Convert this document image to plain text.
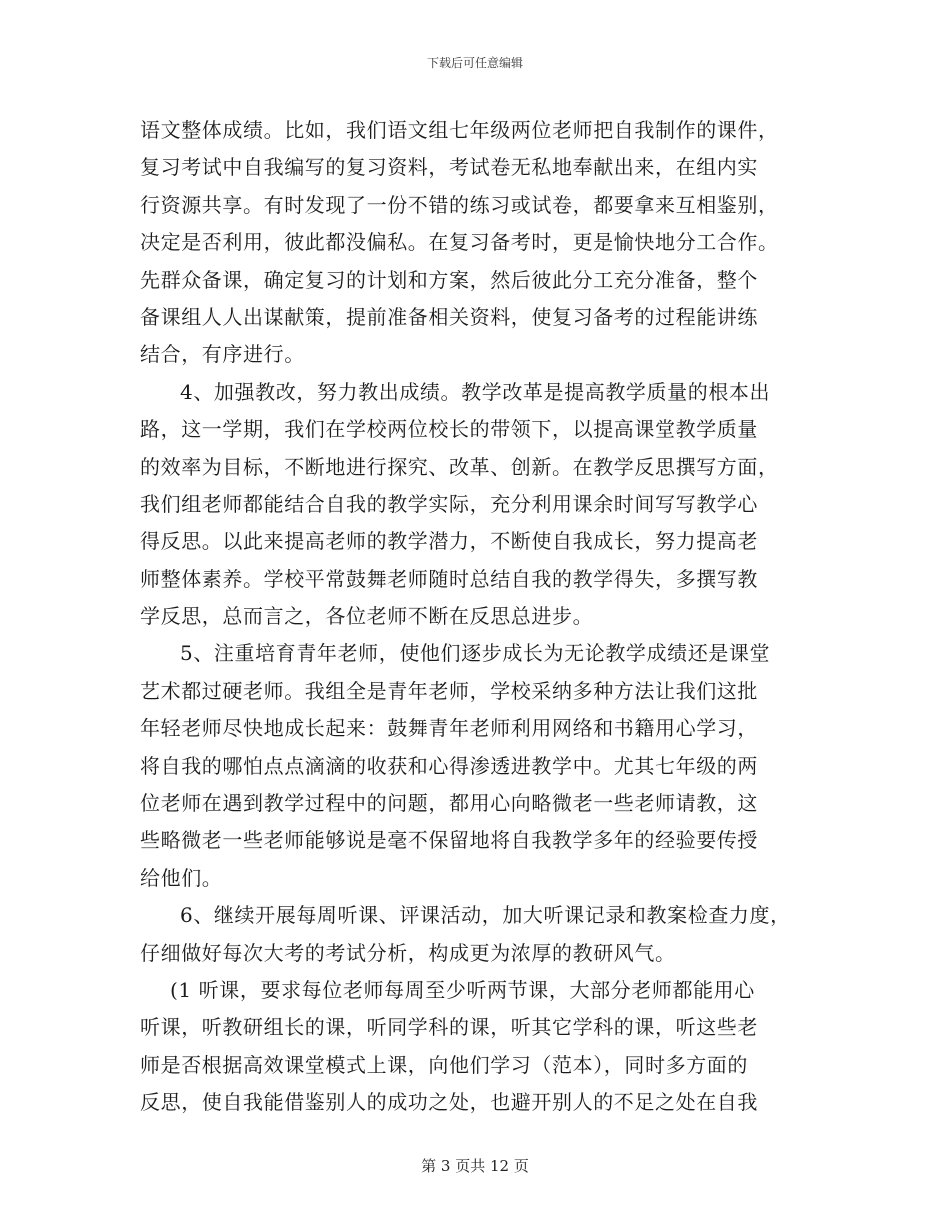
下载后可任意编辑
语文整体成绩。比如，我们语文组七年级两位老师把自我制作的课件，
复习考试中自我编写的复习资料，考试卷无私地奉献出来，在组内实
行资源共享。有时发现了一份不错的练习或试卷，都要拿来互相鉴别，
决定是否利用，彼此都没偏私。在复习备考时，更是愉快地分工合作。
先群众备课，确定复习的计划和方案，然后彼此分工充分准备，整个
备课组人人出谋献策，提前准备相关资料，使复习备考的过程能讲练
结合，有序进行。
4、加强教改，努力教出成绩。教学改革是提高教学质量的根本出
路，这一学期，我们在学校两位校长的带领下，以提高课堂教学质量
的效率为目标，不断地进行探究、改革、创新。在教学反思撰写方面，
我们组老师都能结合自我的教学实际，充分利用课余时间写写教学心
得反思。以此来提高老师的教学潜力，不断使自我成长，努力提高老
师整体素养。学校平常鼓舞老师随时总结自我的教学得失，多撰写教
学反思，总而言之，各位老师不断在反思总进步。
5、注重培育青年老师，使他们逐步成长为无论教学成绩还是课堂
艺术都过硬老师。我组全是青年老师，学校采纳多种方法让我们这批
年轻老师尽快地成长起来：鼓舞青年老师利用网络和书籍用心学习，
将自我的哪怕点点滴滴的收获和心得渗透进教学中。尤其七年级的两
位老师在遇到教学过程中的问题，都用心向略微老一些老师请教，这
些略微老一些老师能够说是毫不保留地将自我教学多年的经验要传授
给他们。
6、继续开展每周听课、评课活动，加大听课记录和教案检查力度，
仔细做好每次大考的考试分析，构成更为浓厚的教研风气。
(1 听课，要求每位老师每周至少听两节课，大部分老师都能用心
听课，听教研组长的课，听同学科的课，听其它学科的课，听这些老
师是否根据高效课堂模式上课，向他们学习（范本），同时多方面的
反思，使自我能借鉴别人的成功之处，也避开别人的不足之处在自我
第 3 页共 12 页
